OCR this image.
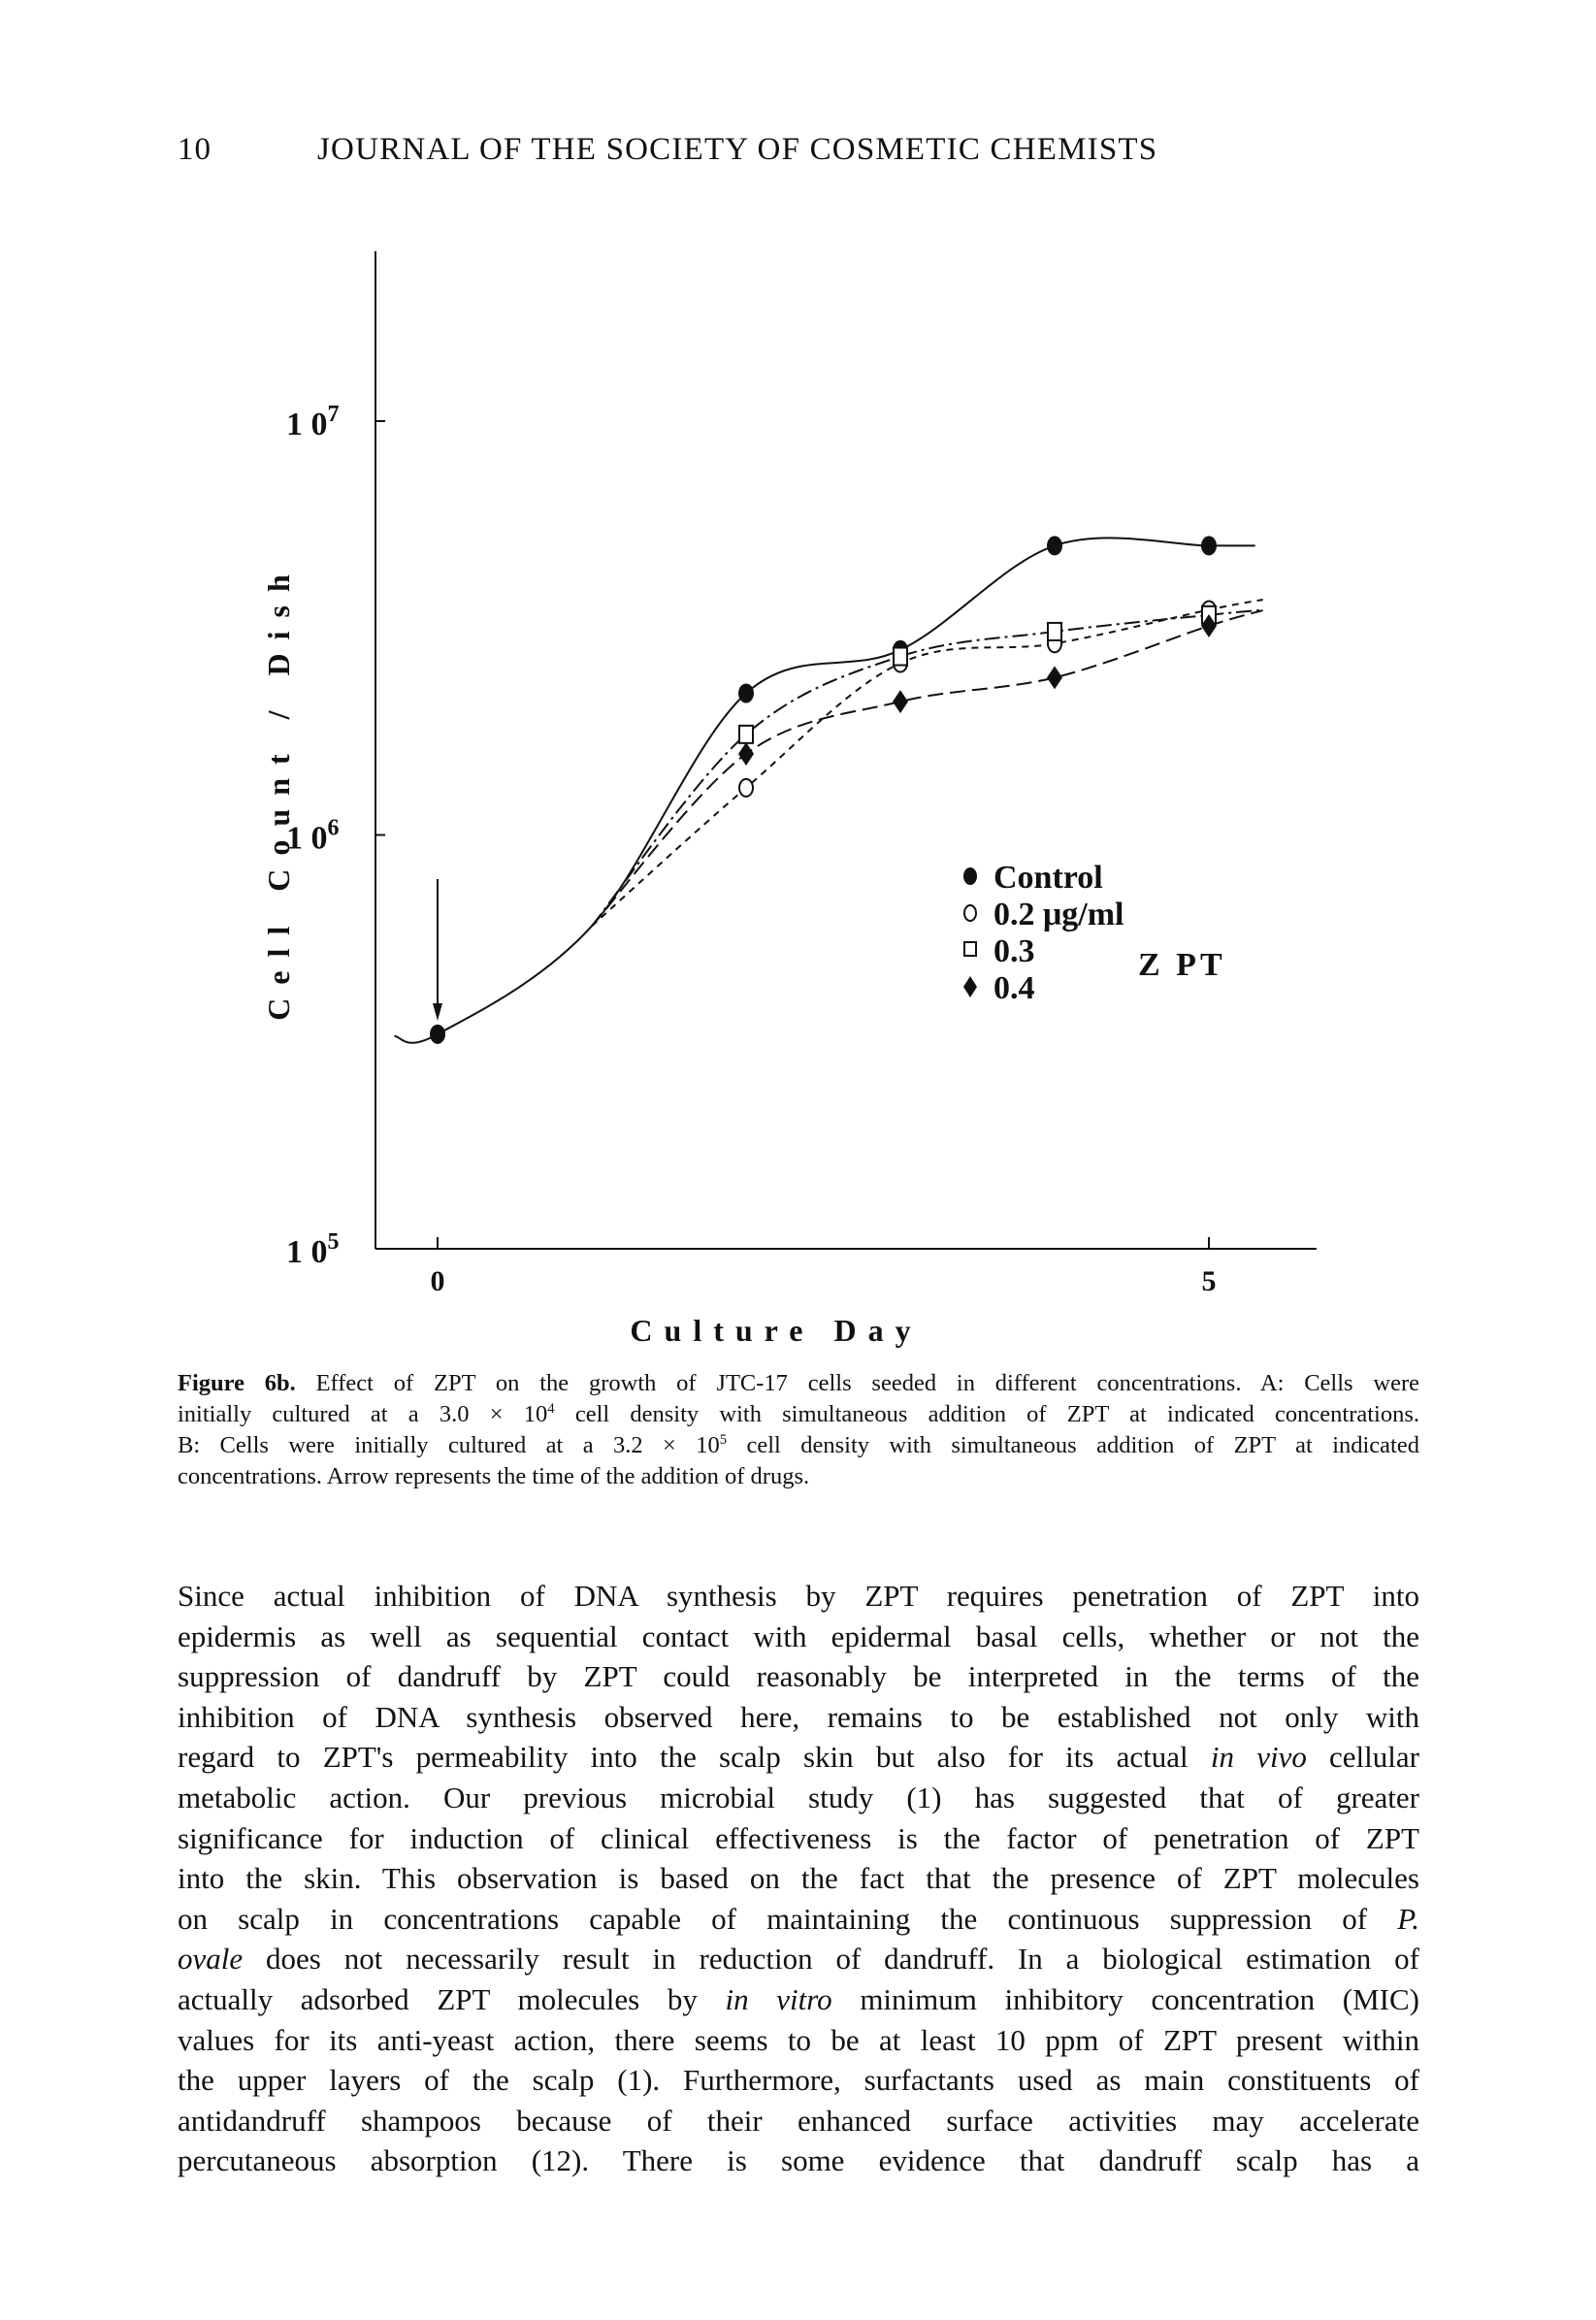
10	JOURNAL OF THE SOCIETY OF COSMETIC CHEMISTS
1 $0^5$
1 $0^6$
1 $0^7$
0	5
Culture Day
Cell Count / Dish	Control
0.2 μg/ml
0.3
0.4
Z PT
Figure 6b. Effect of ZPT on the growth of JTC-17 cells seeded in different concentrations. A: Cells were
initially cultured at a $3.0 \times 10^4$ cell density with simultaneous addition of ZPT at indicated concentrations.
B: Cells were initially cultured at a $3.2 \times 10^5$ cell density with simultaneous addition of ZPT at indicated
concentrations. Arrow represents the time of the addition of drugs.
Since actual inhibition of DNA synthesis by ZPT requires penetration of ZPT into
epidermis as well as sequential contact with epidermal basal cells, whether or not the
suppression of dandruff by ZPT could reasonably be interpreted in the terms of the
inhibition of DNA synthesis observed here, remains to be established not only with
regard to ZPT's permeability into the scalp skin but also for its actual in vivo cellular
metabolic action. Our previous microbial study (1) has suggested that of greater
significance for induction of clinical effectiveness is the factor of penetration of ZPT
into the skin. This observation is based on the fact that the presence of ZPT molecules
on scalp in concentrations capable of maintaining the continuous suppression of P.
ovale does not necessarily result in reduction of dandruff. In a biological estimation of
actually adsorbed ZPT molecules by in vitro minimum inhibitory concentration (MIC)
values for its anti-yeast action, there seems to be at least 10 ppm of ZPT present within
the upper layers of the scalp (1). Furthermore, surfactants used as main constituents of
antidandruff shampoos because of their enhanced surface activities may accelerate
percutaneous absorption (12). There is some evidence that dandruff scalp has a
